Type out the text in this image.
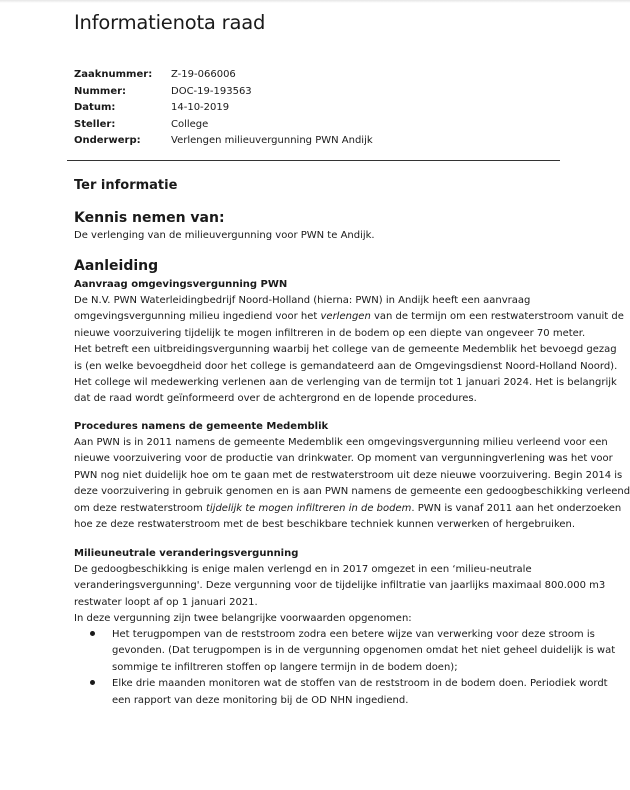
Informatienota raad
Zaaknummer:	Z-19-066006
Nummer:	DOC-19-193563
Datum:	14-10-2019
Steller:	College
Onderwerp:	Verlengen milieuvergunning PWN Andijk
Ter informatie
Kennis nemen van:
De verlenging van de milieuvergunning voor PWN te Andijk.
Aanleiding
Aanvraag omgevingsvergunning PWN
De N.V. PWN Waterleidingbedrijf Noord-Holland (hierna: PWN) in Andijk heeft een aanvraag
omgevingsvergunning milieu ingediend voor het verlengen van de termijn om een restwaterstroom vanuit de
nieuwe voorzuivering tijdelijk te mogen infiltreren in de bodem op een diepte van ongeveer 70 meter.
Het betreft een uitbreidingsvergunning waarbij het college van de gemeente Medemblik het bevoegd gezag
is (en welke bevoegdheid door het college is gemandateerd aan de Omgevingsdienst Noord-Holland Noord).
Het college wil medewerking verlenen aan de verlenging van de termijn tot 1 januari 2024. Het is belangrijk
dat de raad wordt geïnformeerd over de achtergrond en de lopende procedures.
Procedures namens de gemeente Medemblik
Aan PWN is in 2011 namens de gemeente Medemblik een omgevingsvergunning milieu verleend voor een
nieuwe voorzuivering voor de productie van drinkwater. Op moment van vergunningverlening was het voor
PWN nog niet duidelijk hoe om te gaan met de restwaterstroom uit deze nieuwe voorzuivering. Begin 2014 is
deze voorzuivering in gebruik genomen en is aan PWN namens de gemeente een gedoogbeschikking verleend
om deze restwaterstroom tijdelijk te mogen infiltreren in de bodem. PWN is vanaf 2011 aan het onderzoeken
hoe ze deze restwaterstroom met de best beschikbare techniek kunnen verwerken of hergebruiken.
Milieuneutrale veranderingsvergunning
De gedoogbeschikking is enige malen verlengd en in 2017 omgezet in een ‘milieu-neutrale
veranderingsvergunning'. Deze vergunning voor de tijdelijke infiltratie van jaarlijks maximaal 800.000 m3
restwater loopt af op 1 januari 2021.
In deze vergunning zijn twee belangrijke voorwaarden opgenomen:
Het terugpompen van de reststroom zodra een betere wijze van verwerking voor deze stroom is
gevonden. (Dat terugpompen is in de vergunning opgenomen omdat het niet geheel duidelijk is wat
sommige te infiltreren stoffen op langere termijn in de bodem doen);
Elke drie maanden monitoren wat de stoffen van de reststroom in de bodem doen. Periodiek wordt
een rapport van deze monitoring bij de OD NHN ingediend.
